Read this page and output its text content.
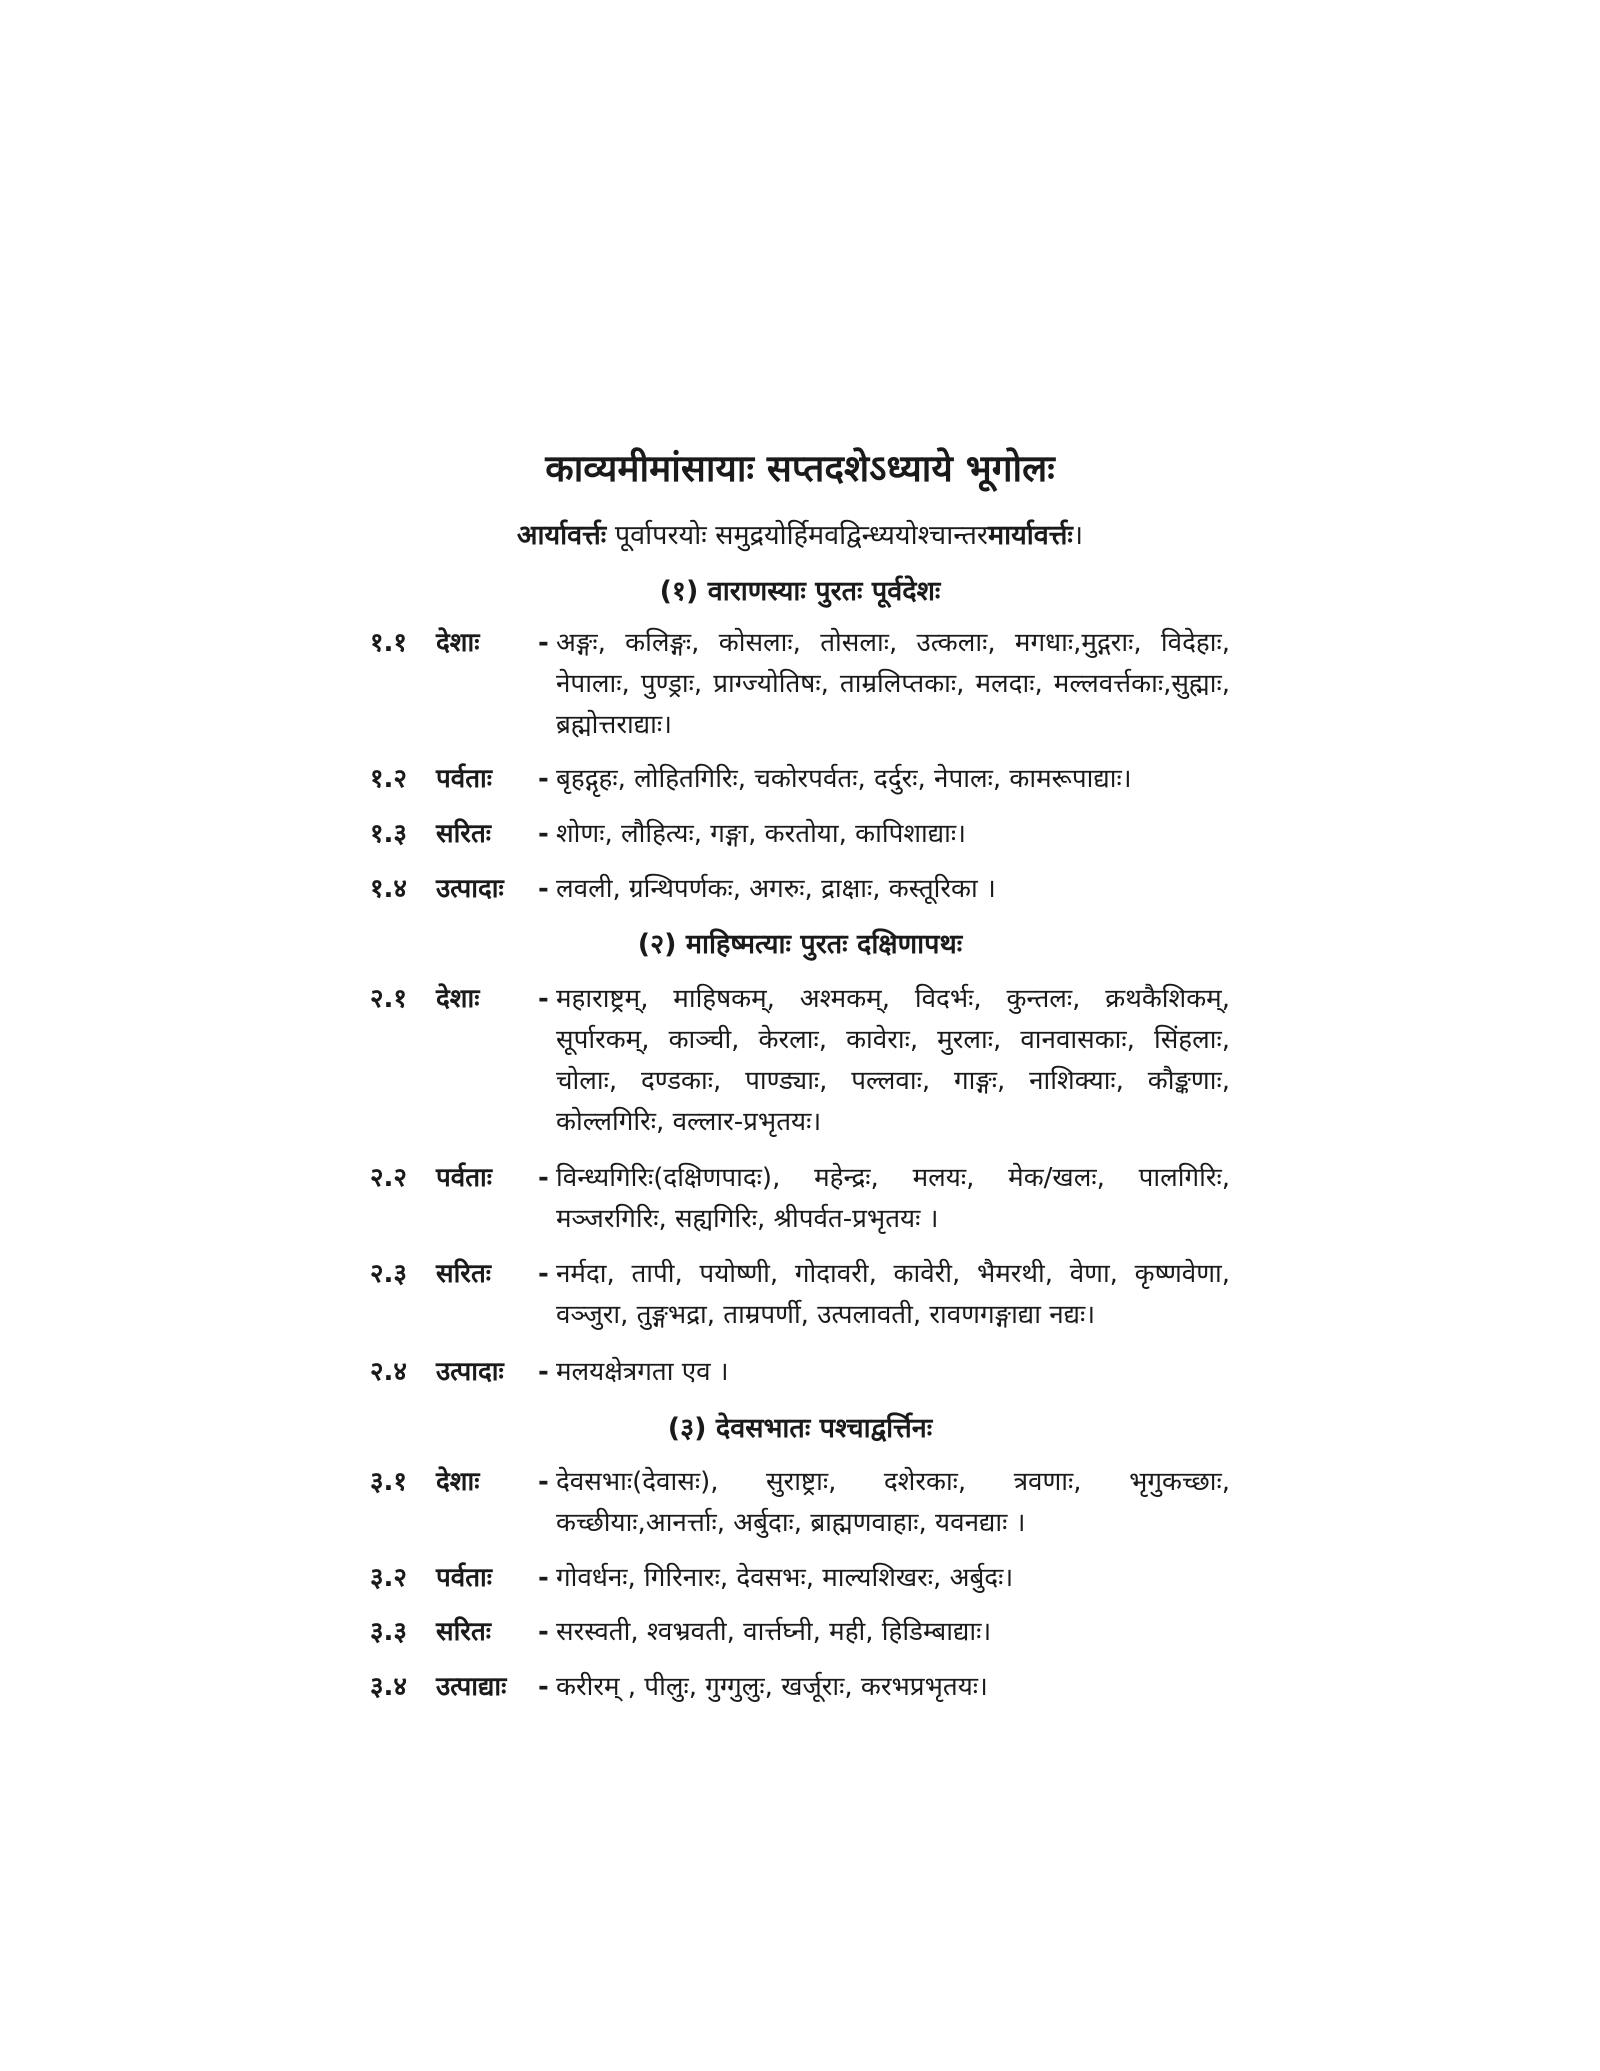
काव्यमीमांसायाः सप्तदशेऽध्याये भूगोलः
आर्यावर्त्तः पूर्वापरयोः समुद्रयोर्हिमवद्विन्ध्ययोश्चान्तरमार्यावर्त्तः।
(१) वाराणस्याः पुरतः पूर्वदेशः
१.१ देशाः - अङ्गः, कलिङ्गः, कोसलाः, तोसलाः, उत्कलाः, मगधाः,मुद्गराः, विदेहाः, नेपालाः, पुण्ड्राः, प्राग्ज्योतिषः, ताम्रलिप्तकाः, मलदाः, मल्लवर्त्तकाः,सुह्माः, ब्रह्मोत्तराद्याः।
१.२ पर्वताः - बृहद्गृहः, लोहितगिरिः, चकोरपर्वतः, दर्दुरः, नेपालः, कामरूपाद्याः।
१.३ सरितः - शोणः, लौहित्यः, गङ्गा, करतोया, कापिशाद्याः।
१.४ उत्पादाः - लवली, ग्रन्थिपर्णकः, अगरुः, द्राक्षाः, कस्तूरिका ।
(२) माहिष्मत्याः पुरतः दक्षिणापथः
२.१ देशाः - महाराष्ट्रम्, माहिषकम्, अश्मकम्, विदर्भः, कुन्तलः, क्रथकैशिकम्, सूर्पारकम्, काञ्ची, केरलाः, कावेराः, मुरलाः, वानवासकाः, सिंहलाः, चोलाः, दण्डकाः, पाण्ड्याः, पल्लवाः, गाङ्गः, नाशिक्याः, कौङ्कणाः, कोल्लगिरिः, वल्लार-प्रभृतयः।
२.२ पर्वताः - विन्ध्यगिरिः(दक्षिणपादः), महेन्द्रः, मलयः, मेक/खलः, पालगिरिः, मञ्जरगिरिः, सह्यगिरिः, श्रीपर्वत-प्रभृतयः ।
२.३ सरितः - नर्मदा, तापी, पयोष्णी, गोदावरी, कावेरी, भैमरथी, वेणा, कृष्णवेणा, वञ्जुरा, तुङ्गभद्रा, ताम्रपर्णी, उत्पलावती, रावणगङ्गाद्या नद्यः।
२.४ उत्पादाः - मलयक्षेत्रगता एव ।
(३) देवसभातः पश्चाद्वर्त्तिनः
३.१ देशाः - देवसभाः(देवासः), सुराष्ट्राः, दशेरकाः, त्रवणाः, भृगुकच्छाः, कच्छीयाः,आनर्त्ताः, अर्बुदाः, ब्राह्मणवाहाः, यवनद्याः ।
३.२ पर्वताः - गोवर्धनः, गिरिनारः, देवसभः, माल्यशिखरः, अर्बुदः।
३.३ सरितः - सरस्वती, श्वभ्रवती, वार्त्तघ्नी, मही, हिडिम्बाद्याः।
३.४ उत्पाद्याः - करीरम् , पीलुः, गुग्गुलुः, खर्जूराः, करभप्रभृतयः।
